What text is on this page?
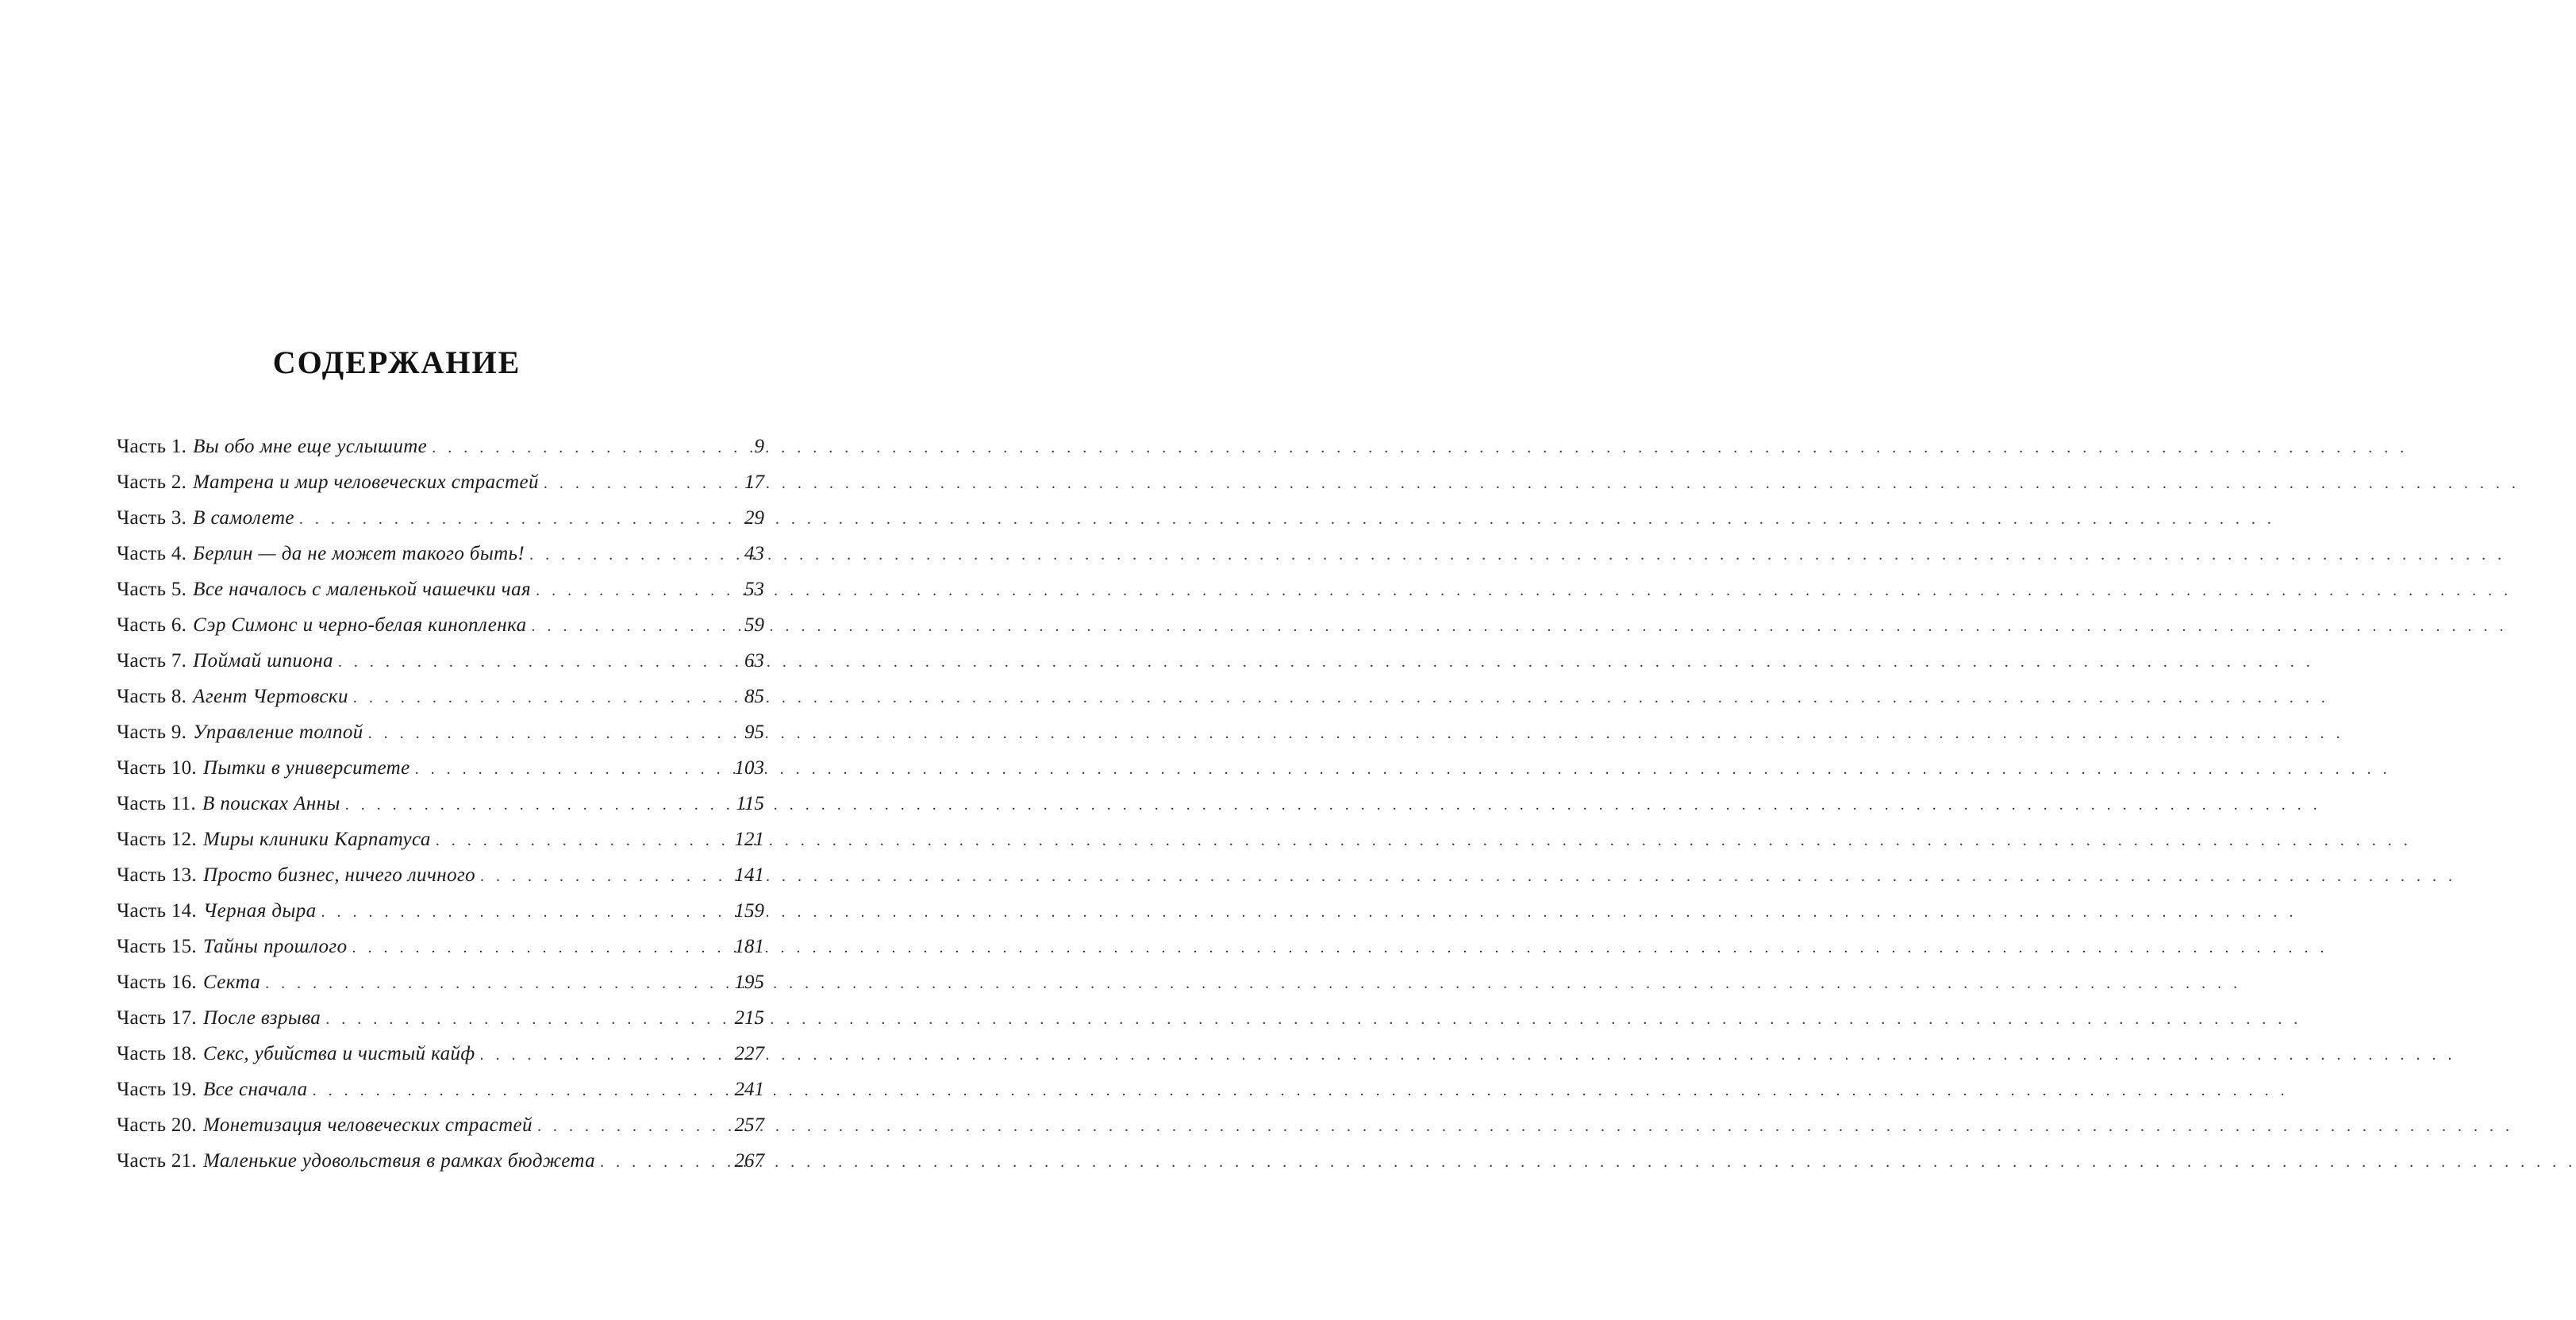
СОДЕРЖАНИЕ
Часть 1. Вы обо мне еще услышите . . .	9
Часть 2. Матрена и мир человеческих страстей . . .	17
Часть 3. В самолете . . .	29
Часть 4. Берлин — да не может такого быть! . . .	43
Часть 5. Все началось с маленькой чашечки чая . . .	53
Часть 6. Сэр Симонс и черно-белая кинопленка . . .	59
Часть 7. Поймай шпиона . . .	63
Часть 8. Агент Чертовски . . .	85
Часть 9. Управление толпой . . .	95
Часть 10. Пытки в университете . . .	103
Часть 11. В поисках Анны . . .	115
Часть 12. Миры клиники Карпатуса . . .	121
Часть 13. Просто бизнес, ничего личного . . .	141
Часть 14. Черная дыра . . .	159
Часть 15. Тайны прошлого . . .	181
Часть 16. Секта . . .	195
Часть 17. После взрыва . . .	215
Часть 18. Секс, убийства и чистый кайф . . .	227
Часть 19. Все сначала . . .	241
Часть 20. Монетизация человеческих страстей . . .	257
Часть 21. Маленькие удовольствия в рамках бюджета . . .	267
